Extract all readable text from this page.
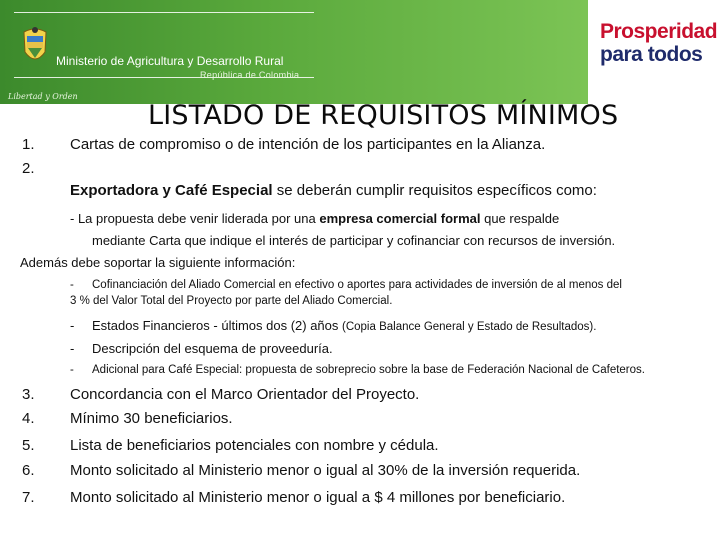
Ministerio de Agricultura y Desarrollo Rural
República de Colombia
Libertad y Orden
Prosperidad
para todos
LISTADO DE REQUISITOS MÍNIMOS
1. Cartas de compromiso o de intención de los participantes en la Alianza.
2.
Exportadora y Café Especial se deberán cumplir requisitos específicos como:
- La propuesta debe venir liderada por una empresa comercial formal que respalde
mediante Carta que indique el interés de participar y cofinanciar con recursos de inversión.
Además debe soportar la siguiente información:
- Cofinanciación del Aliado Comercial en efectivo o aportes para actividades de inversión de al menos del
3 % del Valor Total del Proyecto por parte del Aliado Comercial.
- Estados Financieros - últimos dos (2) años (Copia Balance General y Estado de Resultados).
- Descripción del esquema de proveeduría.
- Adicional para Café Especial: propuesta de sobreprecio sobre la base de Federación Nacional de Cafeteros.
3. Concordancia con el Marco Orientador del Proyecto.
4. Mínimo 30 beneficiarios.
5. Lista de beneficiarios potenciales con nombre y cédula.
6. Monto solicitado al Ministerio menor o igual al 30% de la inversión requerida.
7. Monto solicitado al Ministerio menor o igual a $ 4 millones por beneficiario.
